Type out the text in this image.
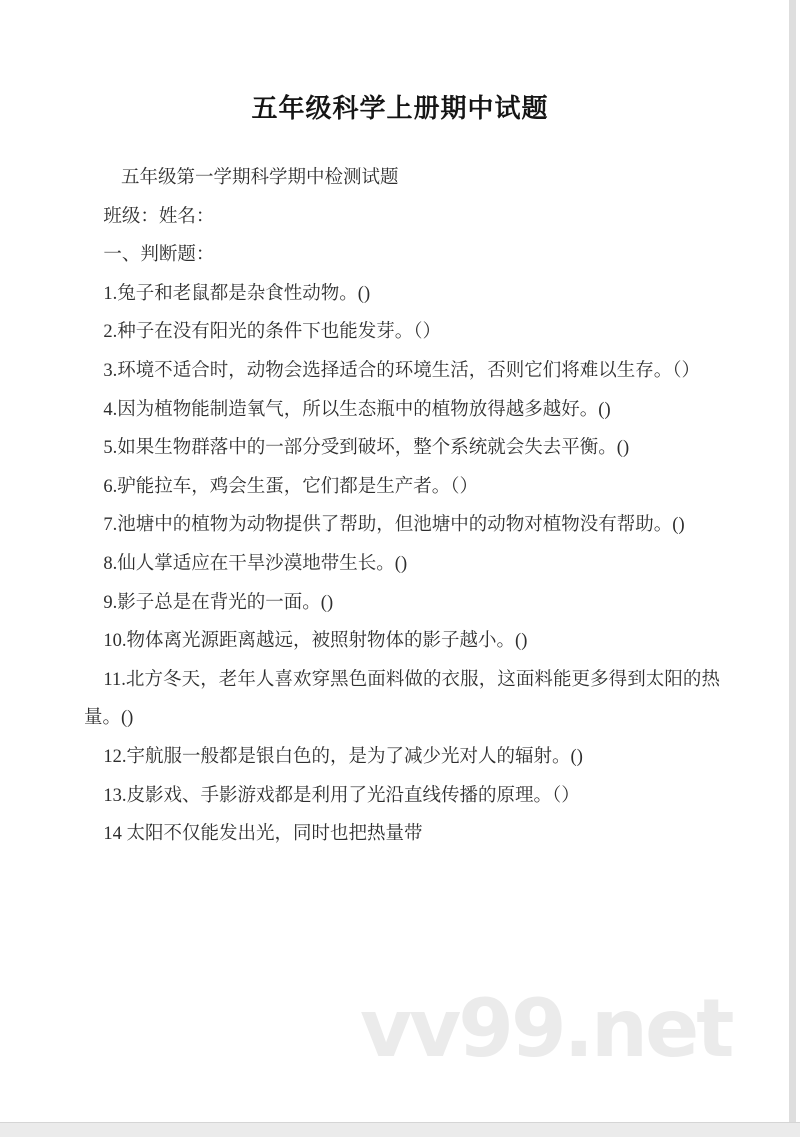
五年级科学上册期中试题

五年级第一学期科学期中检测试题

班级：姓名：

一、判断题：

1.兔子和老鼠都是杂食性动物。()

2.种子在没有阳光的条件下也能发芽。（）

3.环境不适合时，动物会选择适合的环境生活，否则它们将难以生存。（）

4.因为植物能制造氧气，所以生态瓶中的植物放得越多越好。()

5.如果生物群落中的一部分受到破坏，整个系统就会失去平衡。()

6.驴能拉车，鸡会生蛋，它们都是生产者。（）

7.池塘中的植物为动物提供了帮助，但池塘中的动物对植物没有帮助。()

8.仙人掌适应在干旱沙漠地带生长。()

9.影子总是在背光的一面。()

10.物体离光源距离越远，被照射物体的影子越小。()

11.北方冬天，老年人喜欢穿黑色面料做的衣服，这面料能更多得到太阳的热量。()

12.宇航服一般都是银白色的，是为了减少光对人的辐射。()

13.皮影戏、手影游戏都是利用了光沿直线传播的原理。（）

14 太阳不仅能发出光，同时也把热量带

vv99.net
